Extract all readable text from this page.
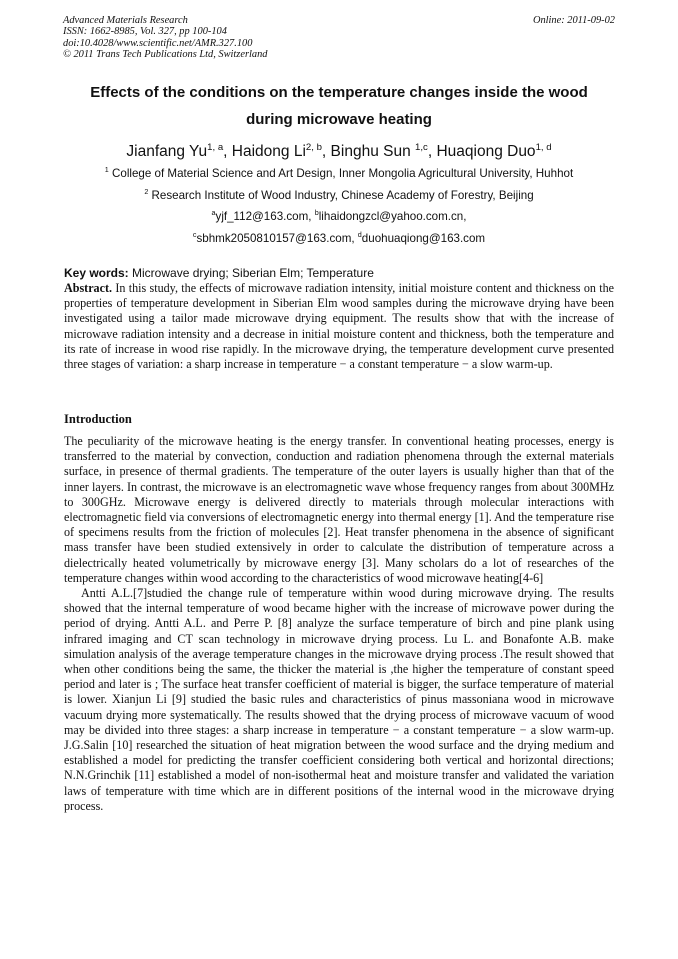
Advanced Materials Research
ISSN: 1662-8985, Vol. 327, pp 100-104
doi:10.4028/www.scientific.net/AMR.327.100
© 2011 Trans Tech Publications Ltd, Switzerland
Online: 2011-09-02
Effects of the conditions on the temperature changes inside the wood
during microwave heating
Jianfang Yu$^{1, a}$, Haidong Li$^{2, b}$, Binghu Sun $^{1,c}$, Huaqiong Duo$^{1, d}$
$^1$ College of Material Science and Art Design, Inner Mongolia Agricultural University, Huhhot
$^2$ Research Institute of Wood Industry, Chinese Academy of Forestry, Beijing
$^a$yjf_112@163.com, $^b$lihaidongzcl@yahoo.com.cn,
$^c$sbhmk2050810157@163.com, $^d$duohuaqiong@163.com
Key words: Microwave drying; Siberian Elm; Temperature
Abstract. In this study, the effects of microwave radiation intensity, initial moisture content and thickness on the properties of temperature development in Siberian Elm wood samples during the microwave drying have been investigated using a tailor made microwave drying equipment. The results show that with the increase of microwave radiation intensity and a decrease in initial moisture content and thickness, both the temperature and its rate of increase in wood rise rapidly. In the microwave drying, the temperature development curve presented three stages of variation: a sharp increase in temperature − a constant temperature − a slow warm-up.
Introduction
The peculiarity of the microwave heating is the energy transfer. In conventional heating processes, energy is transferred to the material by convection, conduction and radiation phenomena through the external materials surface, in presence of thermal gradients. The temperature of the outer layers is usually higher than that of the inner layers. In contrast, the microwave is an electromagnetic wave whose frequency ranges from about 300MHz to 300GHz. Microwave energy is delivered directly to materials through molecular interactions with electromagnetic field via conversions of electromagnetic energy into thermal energy [1]. And the temperature rise of specimens results from the friction of molecules [2]. Heat transfer phenomena in the absence of significant mass transfer have been studied extensively in order to calculate the distribution of temperature across a dielectrically heated volumetrically by microwave energy [3]. Many scholars do a lot of researches of the temperature changes within wood according to the characteristics of wood microwave heating[4-6]
Antti A.L.[7]studied the change rule of temperature within wood during microwave drying. The results showed that the internal temperature of wood became higher with the increase of microwave power during the period of drying. Antti A.L. and Perre P. [8] analyze the surface temperature of birch and pine plank using infrared imaging and CT scan technology in microwave drying process. Lu L. and Bonafonte A.B. make simulation analysis of the average temperature changes in the microwave drying process .The result showed that when other conditions being the same, the thicker the material is ,the higher the temperature of constant speed period and later is ; The surface heat transfer coefficient of material is bigger, the surface temperature of material is lower. Xianjun Li [9] studied the basic rules and characteristics of pinus massoniana wood in microwave vacuum drying more systematically. The results showed that the drying process of microwave vacuum of wood may be divided into three stages: a sharp increase in temperature − a constant temperature − a slow warm-up. J.G.Salin [10] researched the situation of heat migration between the wood surface and the drying medium and established a model for predicting the transfer coefficient considering both vertical and horizontal directions; N.N.Grinchik [11] established a model of non-isothermal heat and moisture transfer and validated the variation laws of temperature with time which are in different positions of the internal wood in the microwave drying process.
